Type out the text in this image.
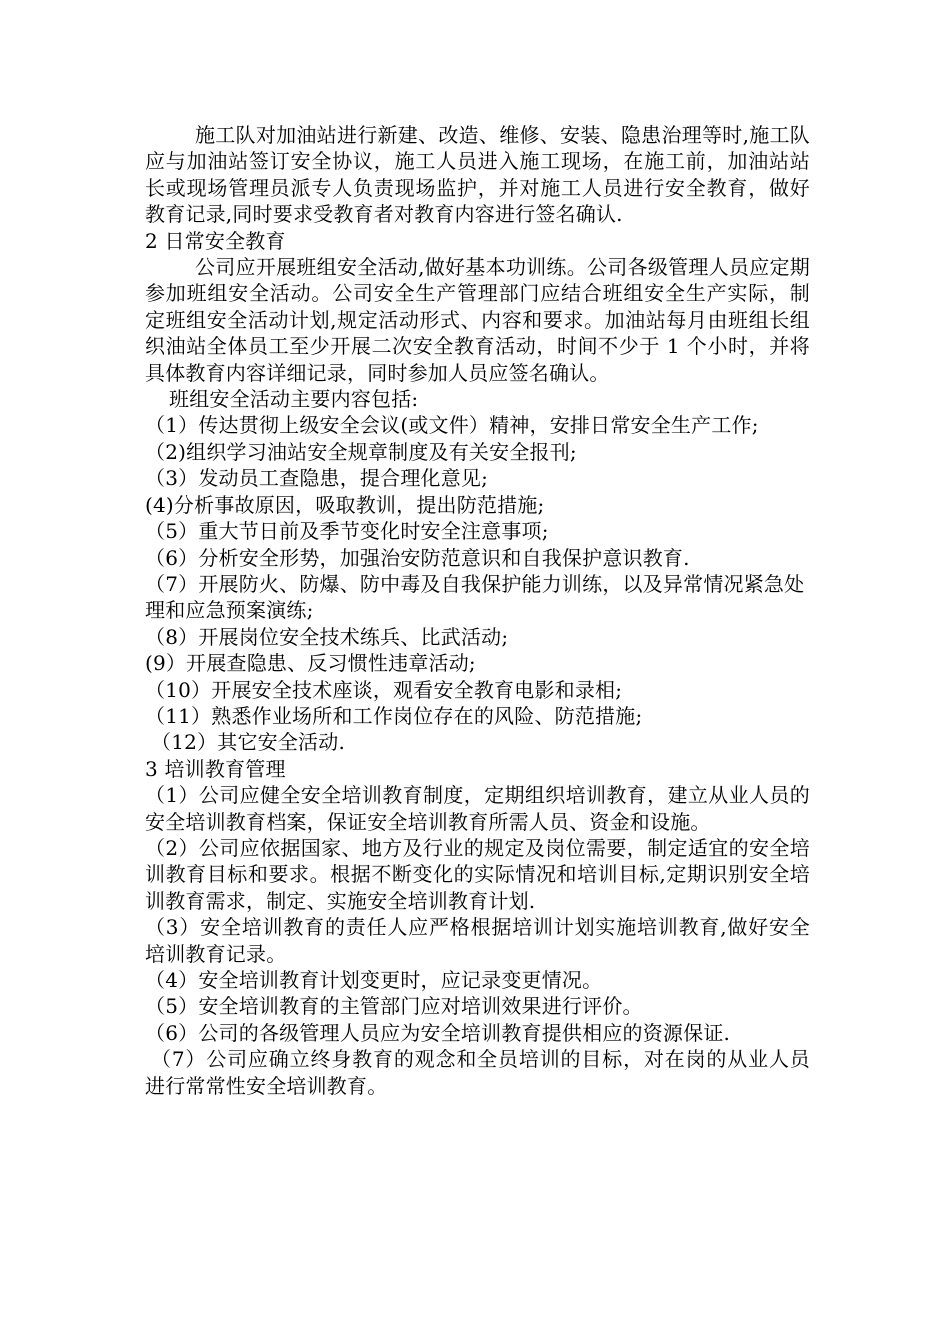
施工队对加油站进行新建、改造、维修、安装、隐患治理等时,施工队应与加油站签订安全协议，施工人员进入施工现场，在施工前，加油站站长或现场管理员派专人负责现场监护，并对施工人员进行安全教育，做好教育记录,同时要求受教育者对教育内容进行签名确认.

2 日常安全教育

公司应开展班组安全活动,做好基本功训练。公司各级管理人员应定期参加班组安全活动。公司安全生产管理部门应结合班组安全生产实际，制定班组安全活动计划,规定活动形式、内容和要求。加油站每月由班组长组织油站全体员工至少开展二次安全教育活动，时间不少于 1 个小时，并将具体教育内容详细记录，同时参加人员应签名确认。

班组安全活动主要内容包括:

（1）传达贯彻上级安全会议(或文件）精神，安排日常安全生产工作;

（2)组织学习油站安全规章制度及有关安全报刊;

（3）发动员工查隐患，提合理化意见;

(4)分析事故原因，吸取教训，提出防范措施;

（5）重大节日前及季节变化时安全注意事项;

（6）分析安全形势，加强治安防范意识和自我保护意识教育.

（7）开展防火、防爆、防中毒及自我保护能力训练，以及异常情况紧急处理和应急预案演练;

（8）开展岗位安全技术练兵、比武活动;

(9）开展查隐患、反习惯性违章活动;

（10）开展安全技术座谈，观看安全教育电影和录相;

（11）熟悉作业场所和工作岗位存在的风险、防范措施;

（12）其它安全活动.

3 培训教育管理

（1）公司应健全安全培训教育制度，定期组织培训教育，建立从业人员的安全培训教育档案，保证安全培训教育所需人员、资金和设施。

（2）公司应依据国家、地方及行业的规定及岗位需要，制定适宜的安全培训教育目标和要求。根据不断变化的实际情况和培训目标,定期识别安全培训教育需求，制定、实施安全培训教育计划.

（3）安全培训教育的责任人应严格根据培训计划实施培训教育,做好安全培训教育记录。

（4）安全培训教育计划变更时，应记录变更情况。

（5）安全培训教育的主管部门应对培训效果进行评价。

（6）公司的各级管理人员应为安全培训教育提供相应的资源保证.

（7）公司应确立终身教育的观念和全员培训的目标，对在岗的从业人员进行常常性安全培训教育。
